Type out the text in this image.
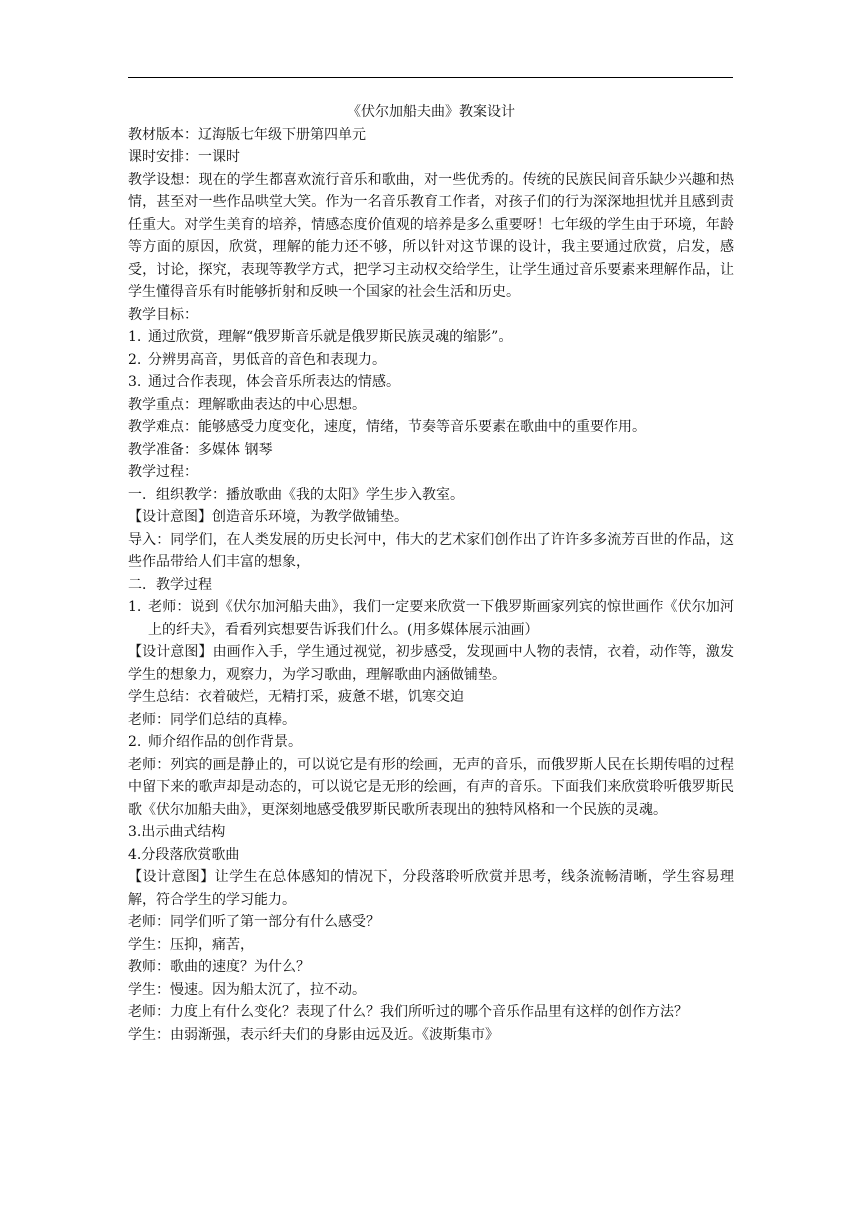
《伏尔加船夫曲》教案设计

教材版本：辽海版七年级下册第四单元

课时安排：一课时

教学设想：现在的学生都喜欢流行音乐和歌曲，对一些优秀的。传统的民族民间音乐缺少兴趣和热情，甚至对一些作品哄堂大笑。作为一名音乐教育工作者，对孩子们的行为深深地担忧并且感到责任重大。对学生美育的培养，情感态度价值观的培养是多么重要呀！七年级的学生由于环境，年龄等方面的原因，欣赏，理解的能力还不够，所以针对这节课的设计，我主要通过欣赏，启发，感受，讨论，探究，表现等教学方式，把学习主动权交给学生，让学生通过音乐要素来理解作品，让学生懂得音乐有时能够折射和反映一个国家的社会生活和历史。

教学目标：

1. 通过欣赏，理解“俄罗斯音乐就是俄罗斯民族灵魂的缩影”。

2. 分辨男高音，男低音的音色和表现力。

3. 通过合作表现，体会音乐所表达的情感。

教学重点：理解歌曲表达的中心思想。

教学难点：能够感受力度变化，速度，情绪，节奏等音乐要素在歌曲中的重要作用。

教学准备：多媒体 钢琴

教学过程：

一．组织教学：播放歌曲《我的太阳》学生步入教室。

【设计意图】创造音乐环境，为教学做铺垫。

导入：同学们，在人类发展的历史长河中，伟大的艺术家们创作出了许许多多流芳百世的作品，这些作品带给人们丰富的想象，

二．教学过程

1. 老师：说到《伏尔加河船夫曲》，我们一定要来欣赏一下俄罗斯画家列宾的惊世画作《伏尔加河上的纤夫》，看看列宾想要告诉我们什么。(用多媒体展示油画）

【设计意图】由画作入手，学生通过视觉，初步感受，发现画中人物的表情，衣着，动作等，激发学生的想象力，观察力，为学习歌曲，理解歌曲内涵做铺垫。

学生总结：衣着破烂，无精打采，疲惫不堪，饥寒交迫

老师：同学们总结的真棒。

2. 师介绍作品的创作背景。

老师：列宾的画是静止的，可以说它是有形的绘画，无声的音乐，而俄罗斯人民在长期传唱的过程中留下来的歌声却是动态的，可以说它是无形的绘画，有声的音乐。下面我们来欣赏聆听俄罗斯民歌《伏尔加船夫曲》，更深刻地感受俄罗斯民歌所表现出的独特风格和一个民族的灵魂。

3.出示曲式结构

4.分段落欣赏歌曲

【设计意图】让学生在总体感知的情况下，分段落聆听欣赏并思考，线条流畅清晰，学生容易理解，符合学生的学习能力。

老师：同学们听了第一部分有什么感受？

学生：压抑，痛苦，

教师：歌曲的速度？为什么？

学生：慢速。因为船太沉了，拉不动。

老师：力度上有什么变化？表现了什么？我们所听过的哪个音乐作品里有这样的创作方法？

学生：由弱渐强，表示纤夫们的身影由远及近。《波斯集市》
